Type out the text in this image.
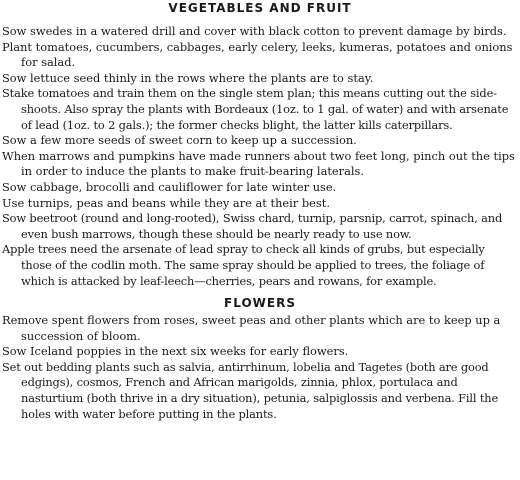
VEGETABLES AND FRUIT

Sow swedes in a watered drill and cover with black cotton to prevent damage by birds.

Plant tomatoes, cucumbers, cabbages, early celery, leeks, kumeras, potatoes and onions for salad.

Sow lettuce seed thinly in the rows where the plants are to stay.

Stake tomatoes and train them on the single stem plan; this means cutting out the side-shoots. Also spray the plants with Bordeaux (1oz. to 1 gal. of water) and with arsenate of lead (1oz. to 2 gals.); the former checks blight, the latter kills caterpillars.

Sow a few more seeds of sweet corn to keep up a succession.

When marrows and pumpkins have made runners about two feet long, pinch out the tips in order to induce the plants to make fruit-bearing laterals.

Sow cabbage, brocolli and cauliflower for late winter use.

Use turnips, peas and beans while they are at their best.

Sow beetroot (round and long-rooted), Swiss chard, turnip, parsnip, carrot, spinach, and even bush marrows, though these should be nearly ready to use now.

Apple trees need the arsenate of lead spray to check all kinds of grubs, but especially those of the codlin moth. The same spray should be applied to trees, the foliage of which is attacked by leaf-leech—cherries, pears and rowans, for example.

FLOWERS

Remove spent flowers from roses, sweet peas and other plants which are to keep up a succession of bloom.

Sow Iceland poppies in the next six weeks for early flowers.

Set out bedding plants such as salvia, antirrhinum, lobelia and Tagetes (both are good edgings), cosmos, French and African marigolds, zinnia, phlox, portulaca and nasturtium (both thrive in a dry situation), petunia, salpiglossis and verbena. Fill the holes with water before putting in the plants.
